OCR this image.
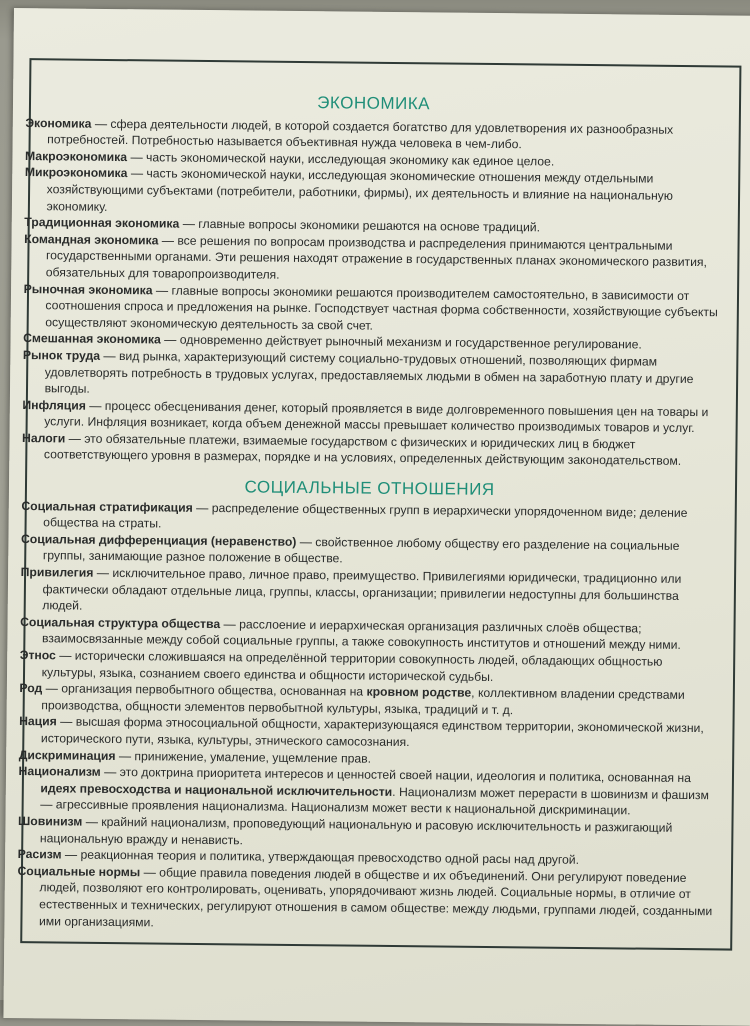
ЭКОНОМИКА

Экономика — сфера деятельности людей, в которой создается богатство для удовлетворения их разнообразных потребностей. Потребностью называется объективная нужда человека в чем-либо.

Макроэкономика — часть экономической науки, исследующая экономику как единое целое.

Микроэкономика — часть экономической науки, исследующая экономические отношения между отдельными хозяйствующими субъектами (потребители, работники, фирмы), их деятельность и влияние на национальную экономику.

Традиционная экономика — главные вопросы экономики решаются на основе традиций.

Командная экономика — все решения по вопросам производства и распределения принимаются центральными государственными органами. Эти решения находят отражение в государственных планах экономического развития, обязательных для товаропроизводителя.

Рыночная экономика — главные вопросы экономики решаются производителем самостоятельно, в зависимости от соотношения спроса и предложения на рынке. Господствует частная форма собственности, хозяйствующие субъекты осуществляют экономическую деятельность за свой счет.

Смешанная экономика — одновременно действует рыночный механизм и государственное регулирование.

Рынок труда — вид рынка, характеризующий систему социально-трудовых отношений, позволяющих фирмам удовлетворять потребность в трудовых услугах, предоставляемых людьми в обмен на заработную плату и другие выгоды.

Инфляция — процесс обесценивания денег, который проявляется в виде долговременного повышения цен на товары и услуги. Инфляция возникает, когда объем денежной массы превышает количество производимых товаров и услуг.

Налоги — это обязательные платежи, взимаемые государством с физических и юридических лиц в бюджет соответствующего уровня в размерах, порядке и на условиях, определенных действующим законодательством.

СОЦИАЛЬНЫЕ ОТНОШЕНИЯ

Социальная стратификация — распределение общественных групп в иерархически упорядоченном виде; деление общества на страты.

Социальная дифференциация (неравенство) — свойственное любому обществу его разделение на социальные группы, занимающие разное положение в обществе.

Привилегия — исключительное право, личное право, преимущество. Привилегиями юридически, традиционно или фактически обладают отдельные лица, группы, классы, организации; привилегии недоступны для большинства людей.

Социальная структура общества — расслоение и иерархическая организация различных слоёв общества; взаимосвязанные между собой социальные группы, а также совокупность институтов и отношений между ними.

Этнос — исторически сложившаяся на определённой территории совокупность людей, обладающих общностью культуры, языка, сознанием своего единства и общности исторической судьбы.

Род — организация первобытного общества, основанная на кровном родстве, коллективном владении средствами производства, общности элементов первобытной культуры, языка, традиций и т. д.

Нация — высшая форма этносоциальной общности, характеризующаяся единством территории, экономической жизни, исторического пути, языка, культуры, этнического самосознания.

Дискриминация — принижение, умаление, ущемление прав.

Национализм — это доктрина приоритета интересов и ценностей своей нации, идеология и политика, основанная на идеях превосходства и национальной исключительности. Национализм может перерасти в шовинизм и фашизм — агрессивные проявления национализма. Национализм может вести к национальной дискриминации.

Шовинизм — крайний национализм, проповедующий национальную и расовую исключительность и разжигающий национальную вражду и ненависть.

Расизм — реакционная теория и политика, утверждающая превосходство одной расы над другой.

Социальные нормы — общие правила поведения людей в обществе и их объединений. Они регулируют поведение людей, позволяют его контролировать, оценивать, упорядочивают жизнь людей. Социальные нормы, в отличие от естественных и технических, регулируют отношения в самом обществе: между людьми, группами людей, созданными ими организациями.
